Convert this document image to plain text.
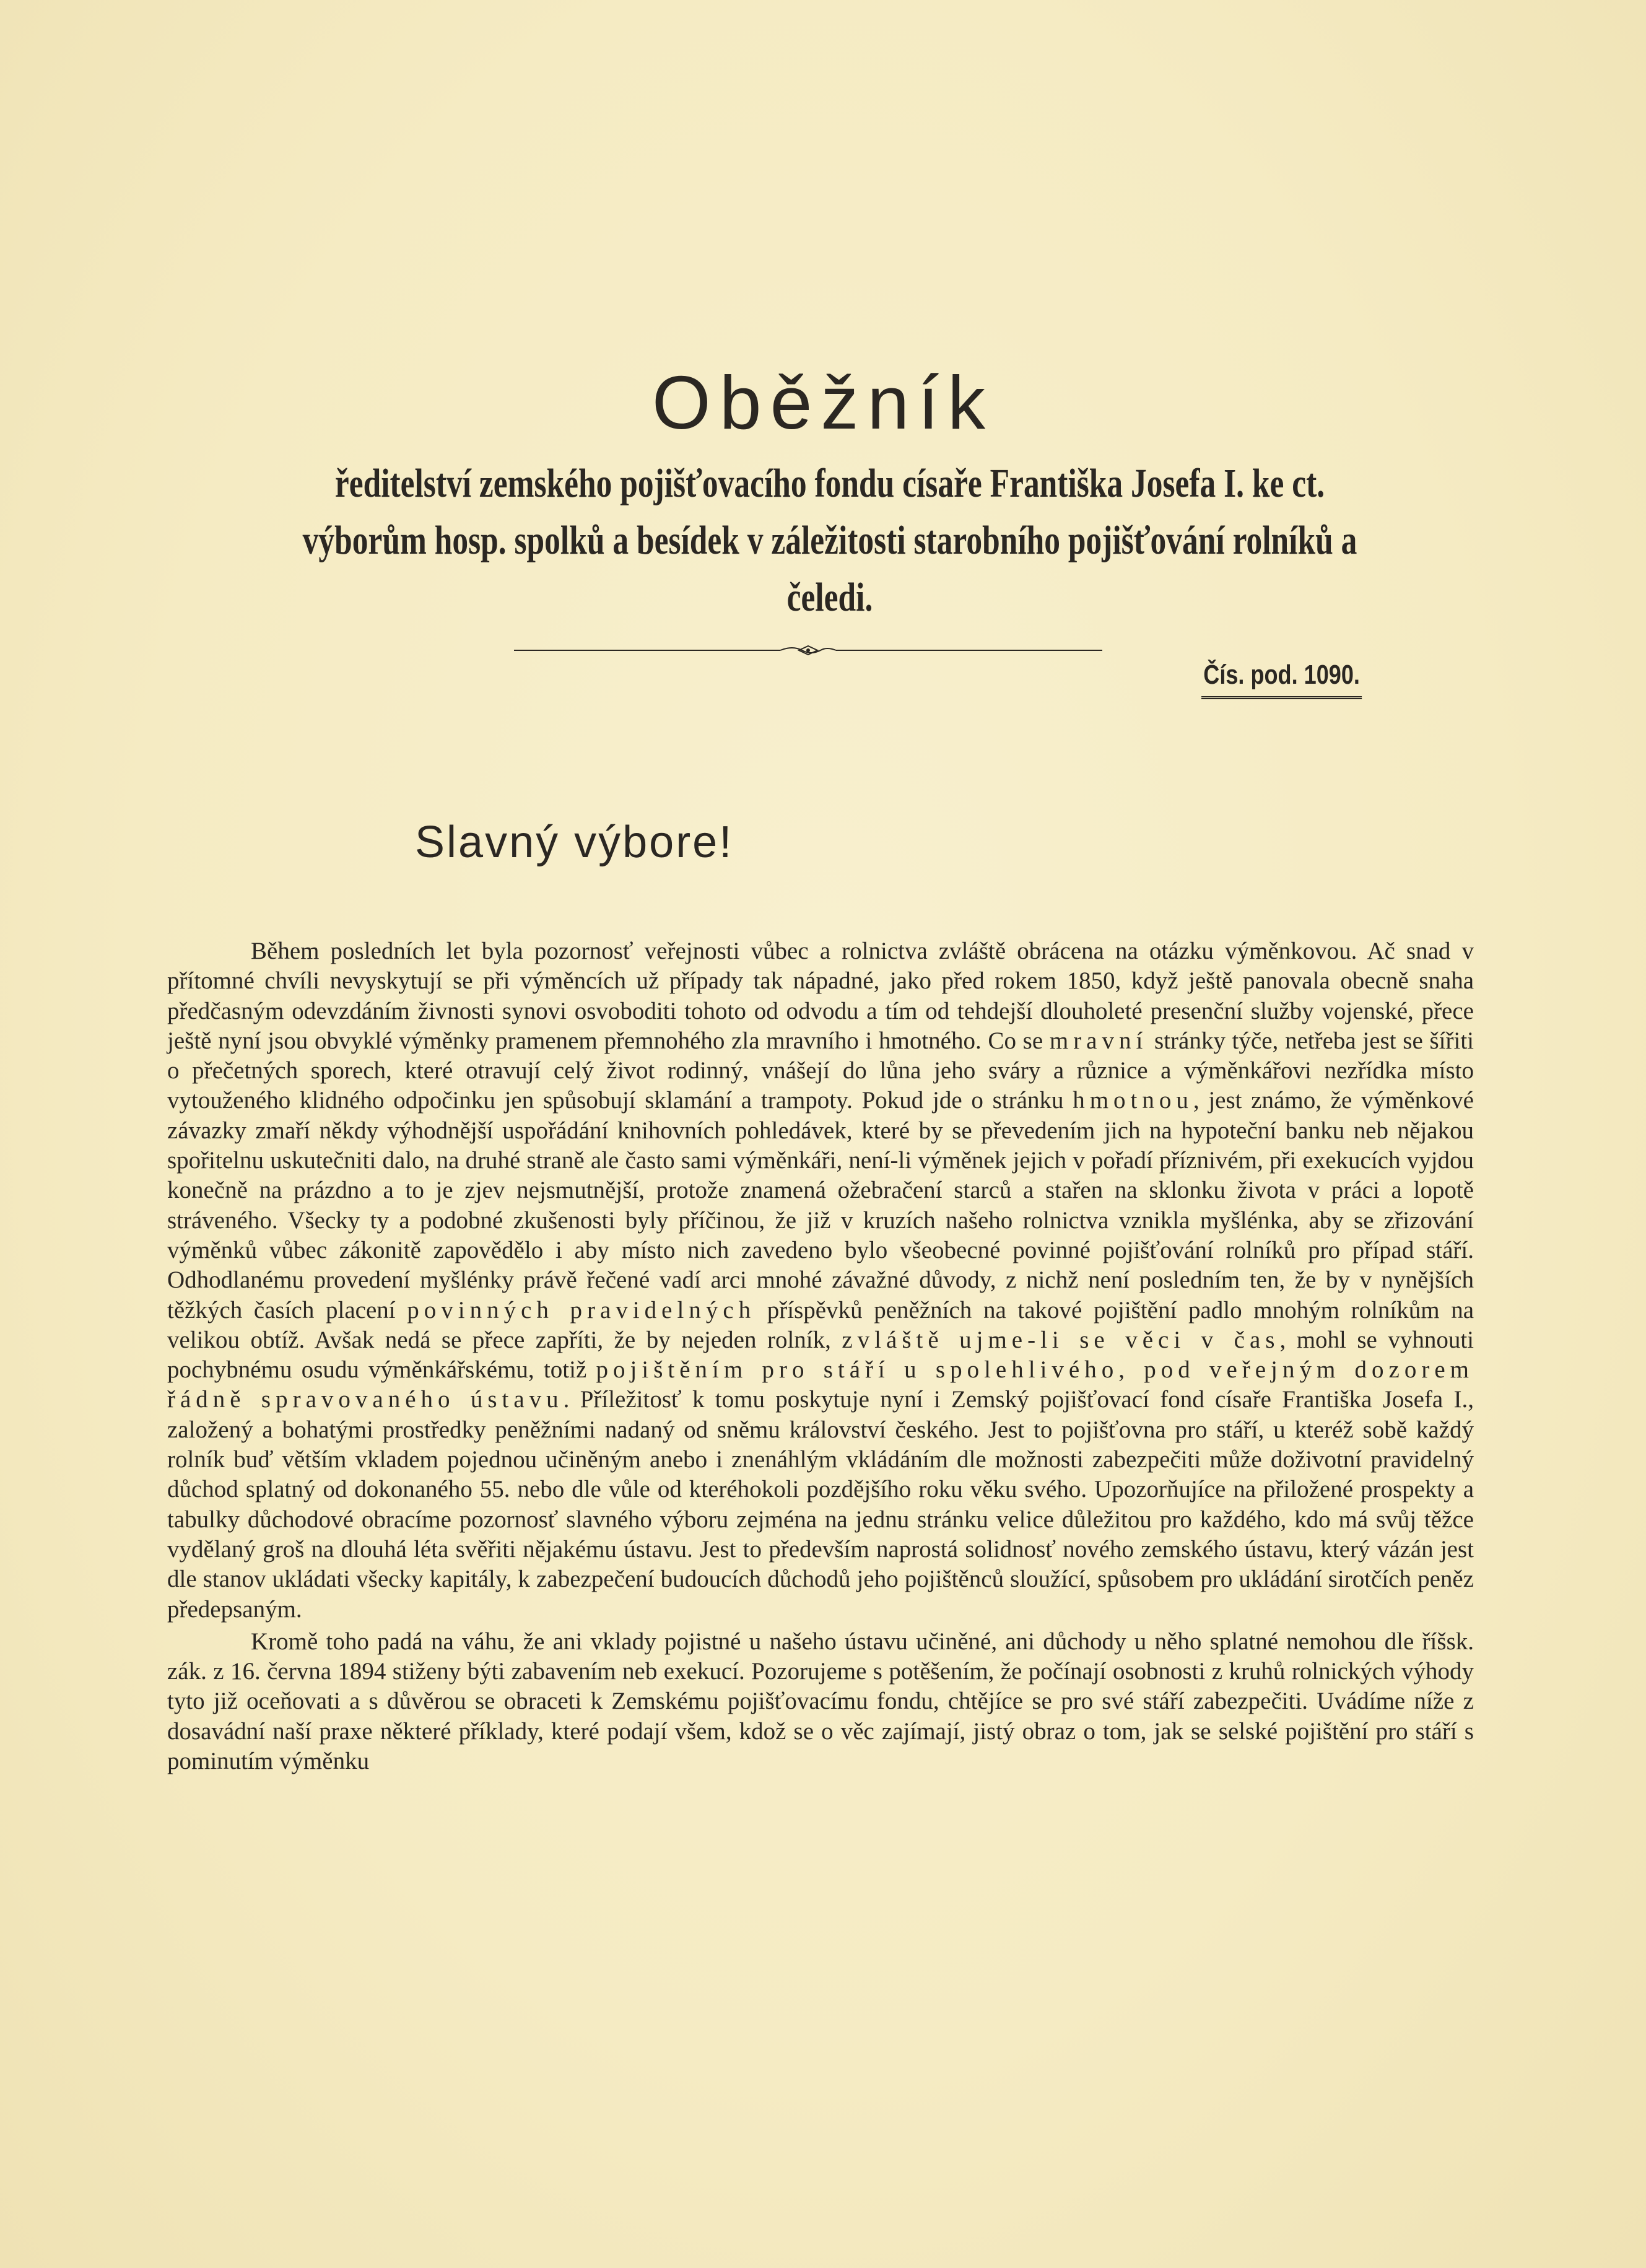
Oběžník
ředitelství zemského pojišťovacího fondu císaře Františka Josefa I. ke ct. výborům hosp. spolků a besídek v záležitosti starobního pojišťování rolníků a čeledi.
Čís. pod. 1090.
Slavný výbore!

Během posledních let byla pozornosť veřejnosti vůbec a rolnictva zvláště obrácena na otázku výměnkovou. Ač snad v přítomné chvíli nevyskytují se při výměncích už případy tak nápadné, jako před rokem 1850, když ještě panovala obecně snaha předčasným odevzdáním živnosti synovi osvoboditi tohoto od odvodu a tím od tehdejší dlouholeté presenční služby vojenské, přece ještě nyní jsou obvyklé výměnky pramenem přemnohého zla mravního i hmotného. Co se mravní stránky týče, netřeba jest se šířiti o přečetných sporech, které otravují celý život rodinný, vnášejí do lůna jeho sváry a různice a výměnkářovi nezřídka místo vytouženého klidného odpočinku jen spůsobují sklamání a trampoty. Pokud jde o stránku hmotnou, jest známo, že výměnkové závazky zmaří někdy výhodnější uspořádání knihovních pohledávek, které by se převedením jich na hypoteční banku neb nějakou spořitelnu uskutečniti dalo, na druhé straně ale často sami výměnkáři, není-li výměnek jejich v pořadí příznivém, při exekucích vyjdou konečně na prázdno a to je zjev nejsmutnější, protože znamená ožebračení starců a stařen na sklonku života v práci a lopotě stráveného. Všecky ty a podobné zkušenosti byly příčinou, že již v kruzích našeho rolnictva vznikla myšlénka, aby se zřizování výměnků vůbec zákonitě zapovědělo i aby místo nich zavedeno bylo všeobecné povinné pojišťování rolníků pro případ stáří. Odhodlanému provedení myšlénky právě řečené vadí arci mnohé závažné důvody, z nichž není posledním ten, že by v nynějších těžkých časích placení povinných pravidelných příspěvků peněžních na takové pojištění padlo mnohým rolníkům na velikou obtíž. Avšak nedá se přece zapříti, že by nejeden rolník, zvláště ujme-li se věci v čas, mohl se vyhnouti pochybnému osudu výměnkářskému, totiž pojištěním pro stáří u spolehlivého, pod veřejným dozorem řádně spravovaného ústavu. Příležitosť k tomu poskytuje nyní i Zemský pojišťovací fond císaře Františka Josefa I., založený a bohatými prostředky peněžními nadaný od sněmu království českého. Jest to pojišťovna pro stáří, u kteréž sobě každý rolník buď větším vkladem pojednou učiněným anebo i znenáhlým vkládáním dle možnosti zabezpečiti může doživotní pravidelný důchod splatný od dokonaného 55. nebo dle vůle od kteréhokoli pozdějšího roku věku svého. Upozorňujíce na přiložené prospekty a tabulky důchodové obracíme pozornosť slavného výboru zejména na jednu stránku velice důležitou pro každého, kdo má svůj těžce vydělaný groš na dlouhá léta svěřiti nějakému ústavu. Jest to především naprostá solidnosť nového zemského ústavu, který vázán jest dle stanov ukládati všecky kapitály, k zabezpečení budoucích důchodů jeho pojištěnců sloužící, spůsobem pro ukládání sirotčích peněz předepsaným.

Kromě toho padá na váhu, že ani vklady pojistné u našeho ústavu učiněné, ani důchody u něho splatné nemohou dle říšsk. zák. z 16. června 1894 stiženy býti zabavením neb exekucí. Pozorujeme s potěšením, že počínají osobnosti z kruhů rolnických výhody tyto již oceňovati a s důvěrou se obraceti k Zemskému pojišťovacímu fondu, chtějíce se pro své stáří zabezpečiti. Uvádíme níže z dosavádní naší praxe některé příklady, které podají všem, kdož se o věc zajímají, jistý obraz o tom, jak se selské pojištění pro stáří s pominutím výměnku
